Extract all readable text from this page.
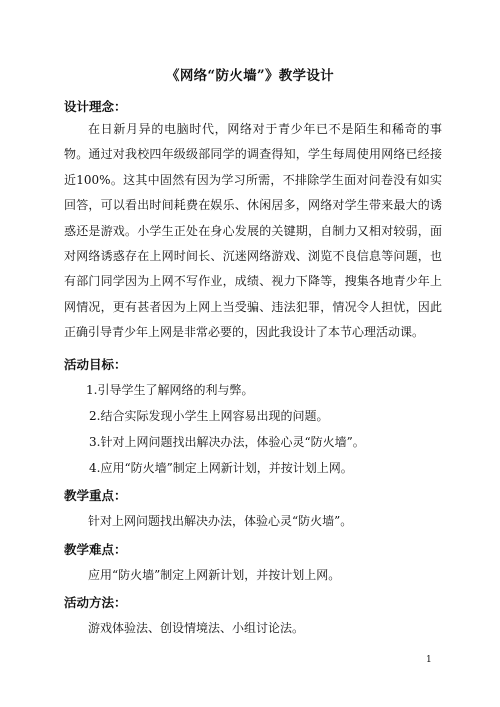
《网络“防火墙”》教学设计
设计理念：

在日新月异的电脑时代，网络对于青少年已不是陌生和稀奇的事物。通过对我校四年级级部同学的调查得知，学生每周使用网络已经接近100%。这其中固然有因为学习所需，不排除学生面对问卷没有如实回答，可以看出时间耗费在娱乐、休闲居多，网络对学生带来最大的诱惑还是游戏。小学生正处在身心发展的关键期，自制力又相对较弱，面对网络诱惑存在上网时间长、沉迷网络游戏、浏览不良信息等问题，也有部门同学因为上网不写作业，成绩、视力下降等，搜集各地青少年上网情况，更有甚者因为上网上当受骗、违法犯罪，情况令人担忧，因此正确引导青少年上网是非常必要的，因此我设计了本节心理活动课。

活动目标：
1.引导学生了解网络的利与弊。
2.结合实际发现小学生上网容易出现的问题。
3.针对上网问题找出解决办法，体验心灵“防火墙”。
4.应用“防火墙”制定上网新计划，并按计划上网。
教学重点：
针对上网问题找出解决办法，体验心灵“防火墙”。
教学难点：
应用“防火墙”制定上网新计划，并按计划上网。
活动方法：
游戏体验法、创设情境法、小组讨论法。
1
